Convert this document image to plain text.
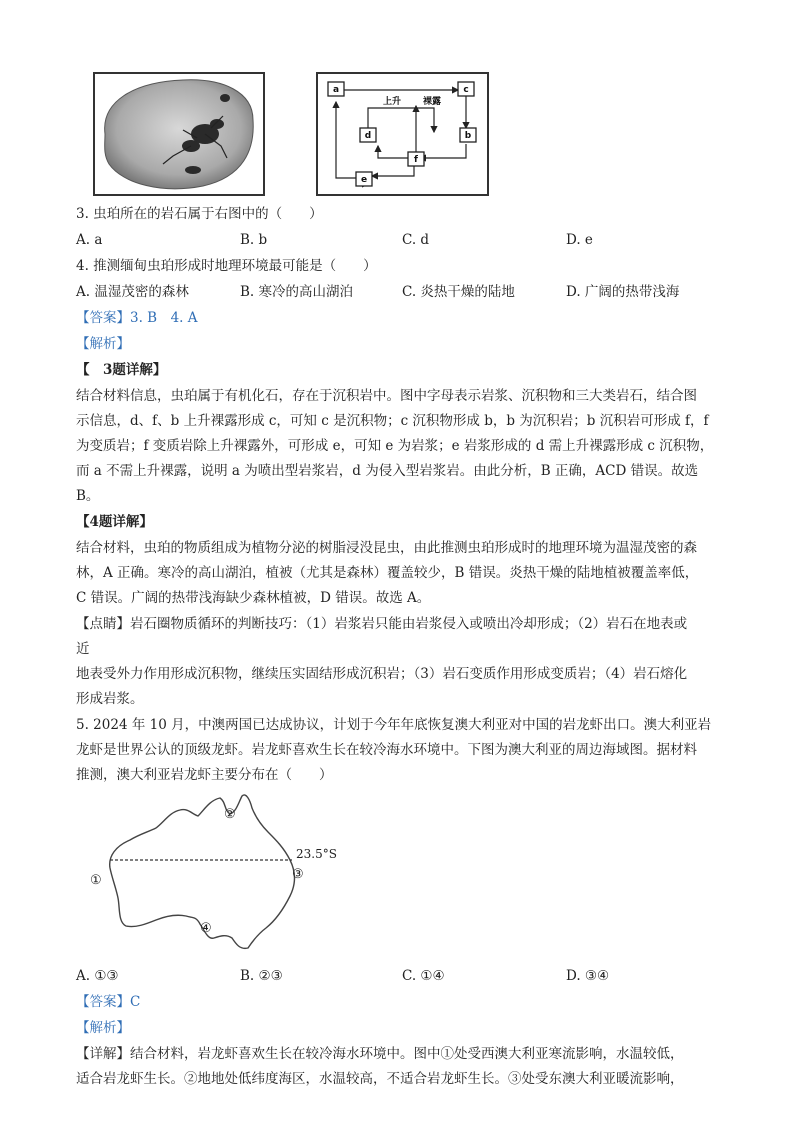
a	c
d	b
f
e
上升 裸露
3. 虫珀所在的岩石属于右图中的（　　）
A. a	B. b	C. d	D. e
4. 推测缅甸虫珀形成时地理环境最可能是（　　）
A. 温湿茂密的森林	B. 寒冷的高山湖泊	C. 炎热干燥的陆地	D. 广阔的热带浅海
【答案】3. B　4. A
【解析】
【　3题详解】
结合材料信息，虫珀属于有机化石，存在于沉积岩中。图中字母表示岩浆、沉积物和三大类岩石，结合图
示信息，d、f、b 上升裸露形成 c，可知 c 是沉积物；c 沉积物形成 b，b 为沉积岩；b 沉积岩可形成 f，f
为变质岩；f 变质岩除上升裸露外，可形成 e，可知 e 为岩浆；e 岩浆形成的 d 需上升裸露形成 c 沉积物，
而 a 不需上升裸露，说明 a 为喷出型岩浆岩，d 为侵入型岩浆岩。由此分析，B 正确，ACD 错误。故选
B。
【4题详解】
结合材料，虫珀的物质组成为植物分泌的树脂浸没昆虫，由此推测虫珀形成时的地理环境为温湿茂密的森
林，A 正确。寒冷的高山湖泊，植被（尤其是森林）覆盖较少，B 错误。炎热干燥的陆地植被覆盖率低，
C 错误。广阔的热带浅海缺少森林植被，D 错误。故选 A。
【点睛】岩石圈物质循环的判断技巧：（1）岩浆岩只能由岩浆侵入或喷出冷却形成；（2）岩石在地表或
近
地表受外力作用形成沉积物，继续压实固结形成沉积岩；（3）岩石变质作用形成变质岩；（4）岩石熔化
形成岩浆。
5. 2024 年 10 月，中澳两国已达成协议，计划于今年年底恢复澳大利亚对中国的岩龙虾出口。澳大利亚岩
龙虾是世界公认的顶级龙虾。岩龙虾喜欢生长在较冷海水环境中。下图为澳大利亚的周边海域图。据材料
推测，澳大利亚岩龙虾主要分布在（　　）
23.5°S
①
②
③
④
A. ①③	B. ②③	C. ①④	D. ③④
【答案】C
【解析】
【详解】结合材料，岩龙虾喜欢生长在较冷海水环境中。图中①处受西澳大利亚寒流影响，水温较低，
适合岩龙虾生长。②地地处低纬度海区，水温较高，不适合岩龙虾生长。③处受东澳大利亚暖流影响，
